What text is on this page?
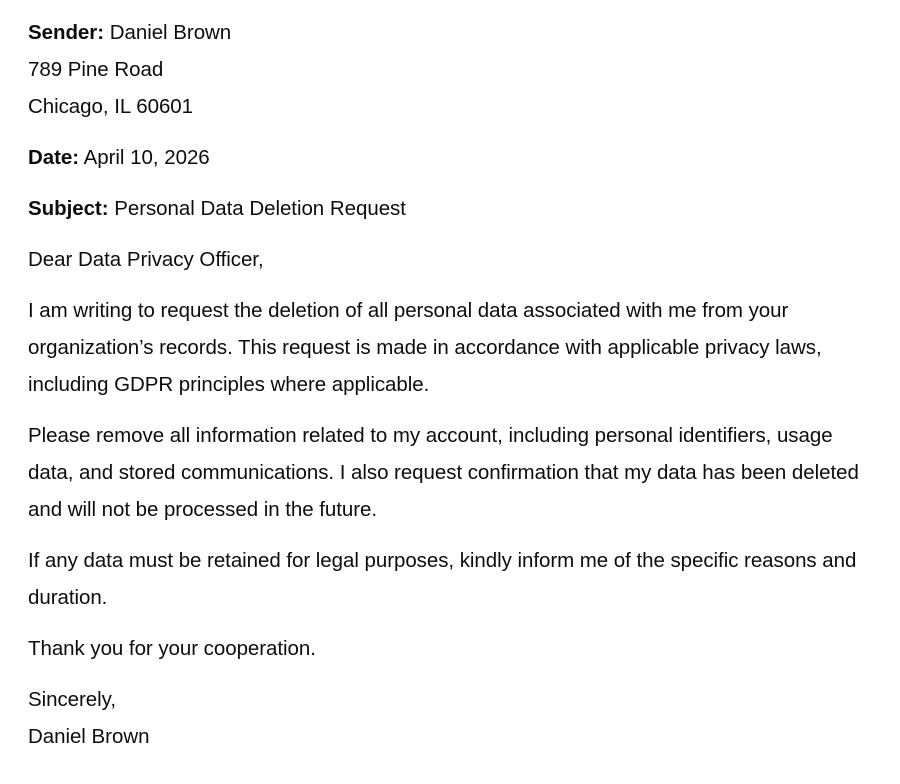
Sender: Daniel Brown
789 Pine Road
Chicago, IL 60601
Date: April 10, 2026
Subject: Personal Data Deletion Request
Dear Data Privacy Officer,

I am writing to request the deletion of all personal data associated with me from your organization’s records. This request is made in accordance with applicable privacy laws, including GDPR principles where applicable.

Please remove all information related to my account, including personal identifiers, usage data, and stored communications. I also request confirmation that my data has been deleted and will not be processed in the future.

If any data must be retained for legal purposes, kindly inform me of the specific reasons and duration.

Thank you for your cooperation.

Sincerely,
Daniel Brown
